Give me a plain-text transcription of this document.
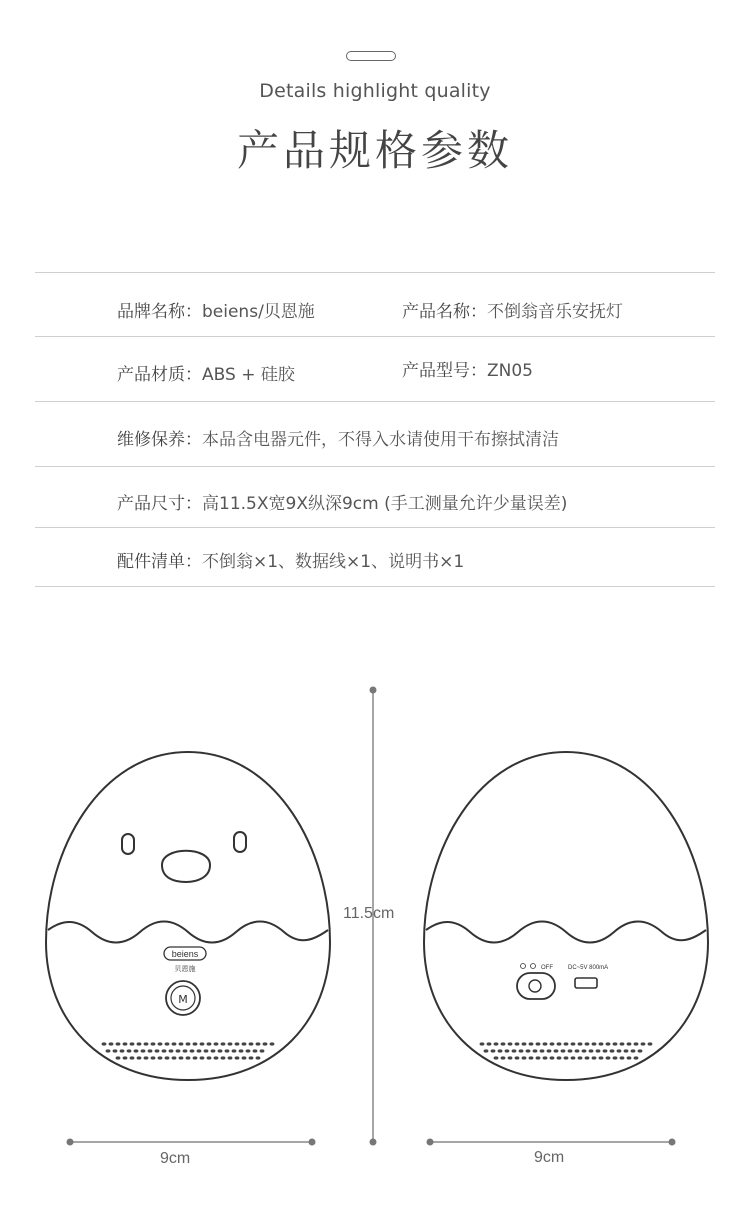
Details highlight quality
产品规格参数
品牌名称：beiens/贝恩施	产品名称：不倒翁音乐安抚灯
产品材质：ABS + 硅胶	产品型号：ZN05
维修保养：本品含电器元件，不得入水请使用干布擦拭清洁
产品尺寸：高11.5X宽9X纵深9cm (手工测量允许少量误差)
配件清单：不倒翁×1、数据线×1、说明书×1
beiens
贝恩施
M
OFF	DC~5V 800mA
11.5cm
9cm	9cm
